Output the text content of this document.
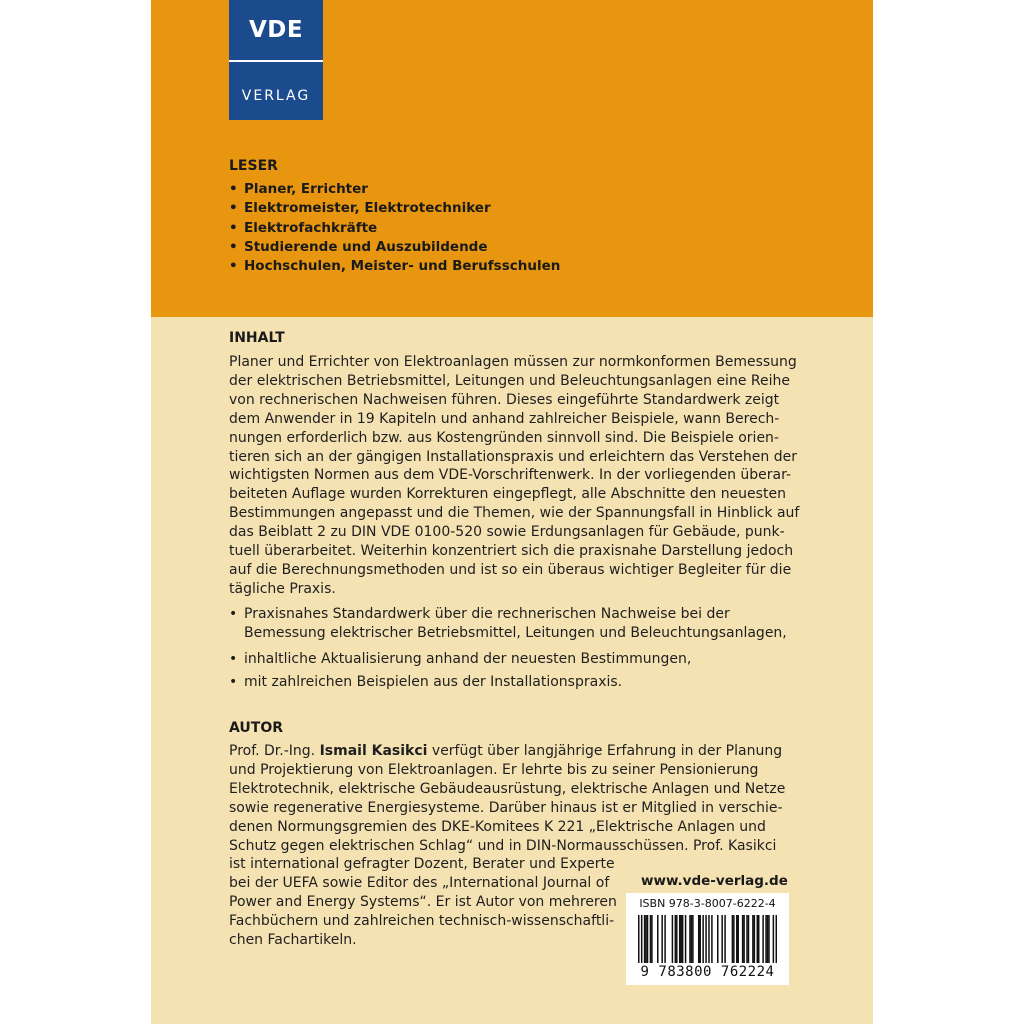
VDE
VERLAG
LESER
• Planer, Errichter
• Elektromeister, Elektrotechniker
• Elektrofachkräfte
• Studierende und Auszubildende
• Hochschulen, Meister- und Berufsschulen
INHALT

Planer und Errichter von Elektroanlagen müssen zur normkonformen Bemessung
der elektrischen Betriebsmittel, Leitungen und Beleuchtungsanlagen eine Reihe
von rechnerischen Nachweisen führen. Dieses eingeführte Standardwerk zeigt
dem Anwender in 19 Kapiteln und anhand zahlreicher Beispiele, wann Berech-
nungen erforderlich bzw. aus Kostengründen sinnvoll sind. Die Beispiele orien-
tieren sich an der gängigen Installationspraxis und erleichtern das Verstehen der
wichtigsten Normen aus dem VDE-Vorschriftenwerk. In der vorliegenden überar-
beiteten Auflage wurden Korrekturen eingepflegt, alle Abschnitte den neuesten
Bestimmungen angepasst und die Themen, wie der Spannungsfall in Hinblick auf
das Beiblatt 2 zu DIN VDE 0100-520 sowie Erdungsanlagen für Gebäude, punk-
tuell überarbeitet. Weiterhin konzentriert sich die praxisnahe Darstellung jedoch
auf die Berechnungsmethoden und ist so ein überaus wichtiger Begleiter für die
tägliche Praxis.

• Praxisnahes Standardwerk über die rechnerischen Nachweise bei der
Bemessung elektrischer Betriebsmittel, Leitungen und Beleuchtungsanlagen,
• inhaltliche Aktualisierung anhand der neuesten Bestimmungen,
• mit zahlreichen Beispielen aus der Installationspraxis.
AUTOR

Prof. Dr.-Ing. Ismail Kasikci verfügt über langjährige Erfahrung in der Planung
und Projektierung von Elektroanlagen. Er lehrte bis zu seiner Pensionierung
Elektrotechnik, elektrische Gebäudeausrüstung, elektrische Anlagen und Netze
sowie regenerative Energiesysteme. Darüber hinaus ist er Mitglied in verschie-
denen Normungsgremien des DKE-Komitees K 221 „Elektrische Anlagen und
Schutz gegen elektrischen Schlag“ und in DIN-Normausschüssen. Prof. Kasikci
ist international gefragter Dozent, Berater und Experte
bei der UEFA sowie Editor des „International Journal of
Power and Energy Systems“. Er ist Autor von mehreren
Fachbüchern und zahlreichen technisch-wissenschaftli-
chen Fachartikeln.

www.vde-verlag.de
ISBN 978-3-8007-6222-4
9 783800 762224
